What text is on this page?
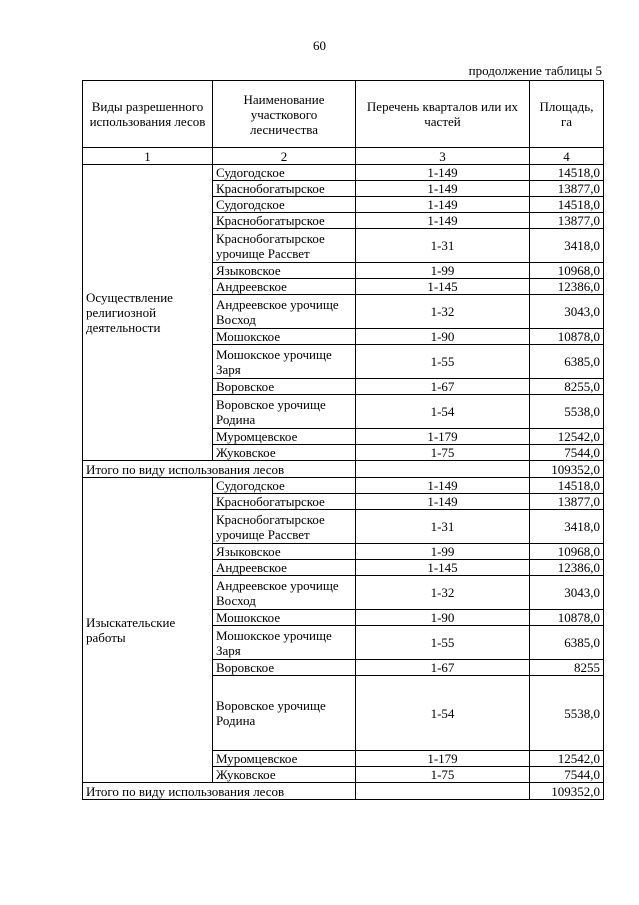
60
продолжение таблицы 5
Виды разрешенного использования лесов	Наименование участкового лесничества	Перечень кварталов или их частей	Площадь, га
1	2	3	4
Осуществление религиозной деятельности	Судогодское	1-149	14518,0
	Краснобогатырское	1-149	13877,0
	Судогодское	1-149	14518,0
	Краснобогатырское	1-149	13877,0
	Краснобогатырское урочище Рассвет	1-31	3418,0
	Языковское	1-99	10968,0
	Андреевское	1-145	12386,0
	Андреевское урочище Восход	1-32	3043,0
	Мошокское	1-90	10878,0
	Мошокское урочище Заря	1-55	6385,0
	Воровское	1-67	8255,0
	Воровское урочище Родина	1-54	5538,0
	Муромцевское	1-179	12542,0
	Жуковское	1-75	7544,0
Итого по виду использования лесов			109352,0
Изыскательские работы	Судогодское	1-149	14518,0
	Краснобогатырское	1-149	13877,0
	Краснобогатырское урочище Рассвет	1-31	3418,0
	Языковское	1-99	10968,0
	Андреевское	1-145	12386,0
	Андреевское урочище Восход	1-32	3043,0
	Мошокское	1-90	10878,0
	Мошокское урочище Заря	1-55	6385,0
	Воровское	1-67	8255
	Воровское урочище Родина	1-54	5538,0
	Муромцевское	1-179	12542,0
	Жуковское	1-75	7544,0
Итого по виду использования лесов			109352,0
